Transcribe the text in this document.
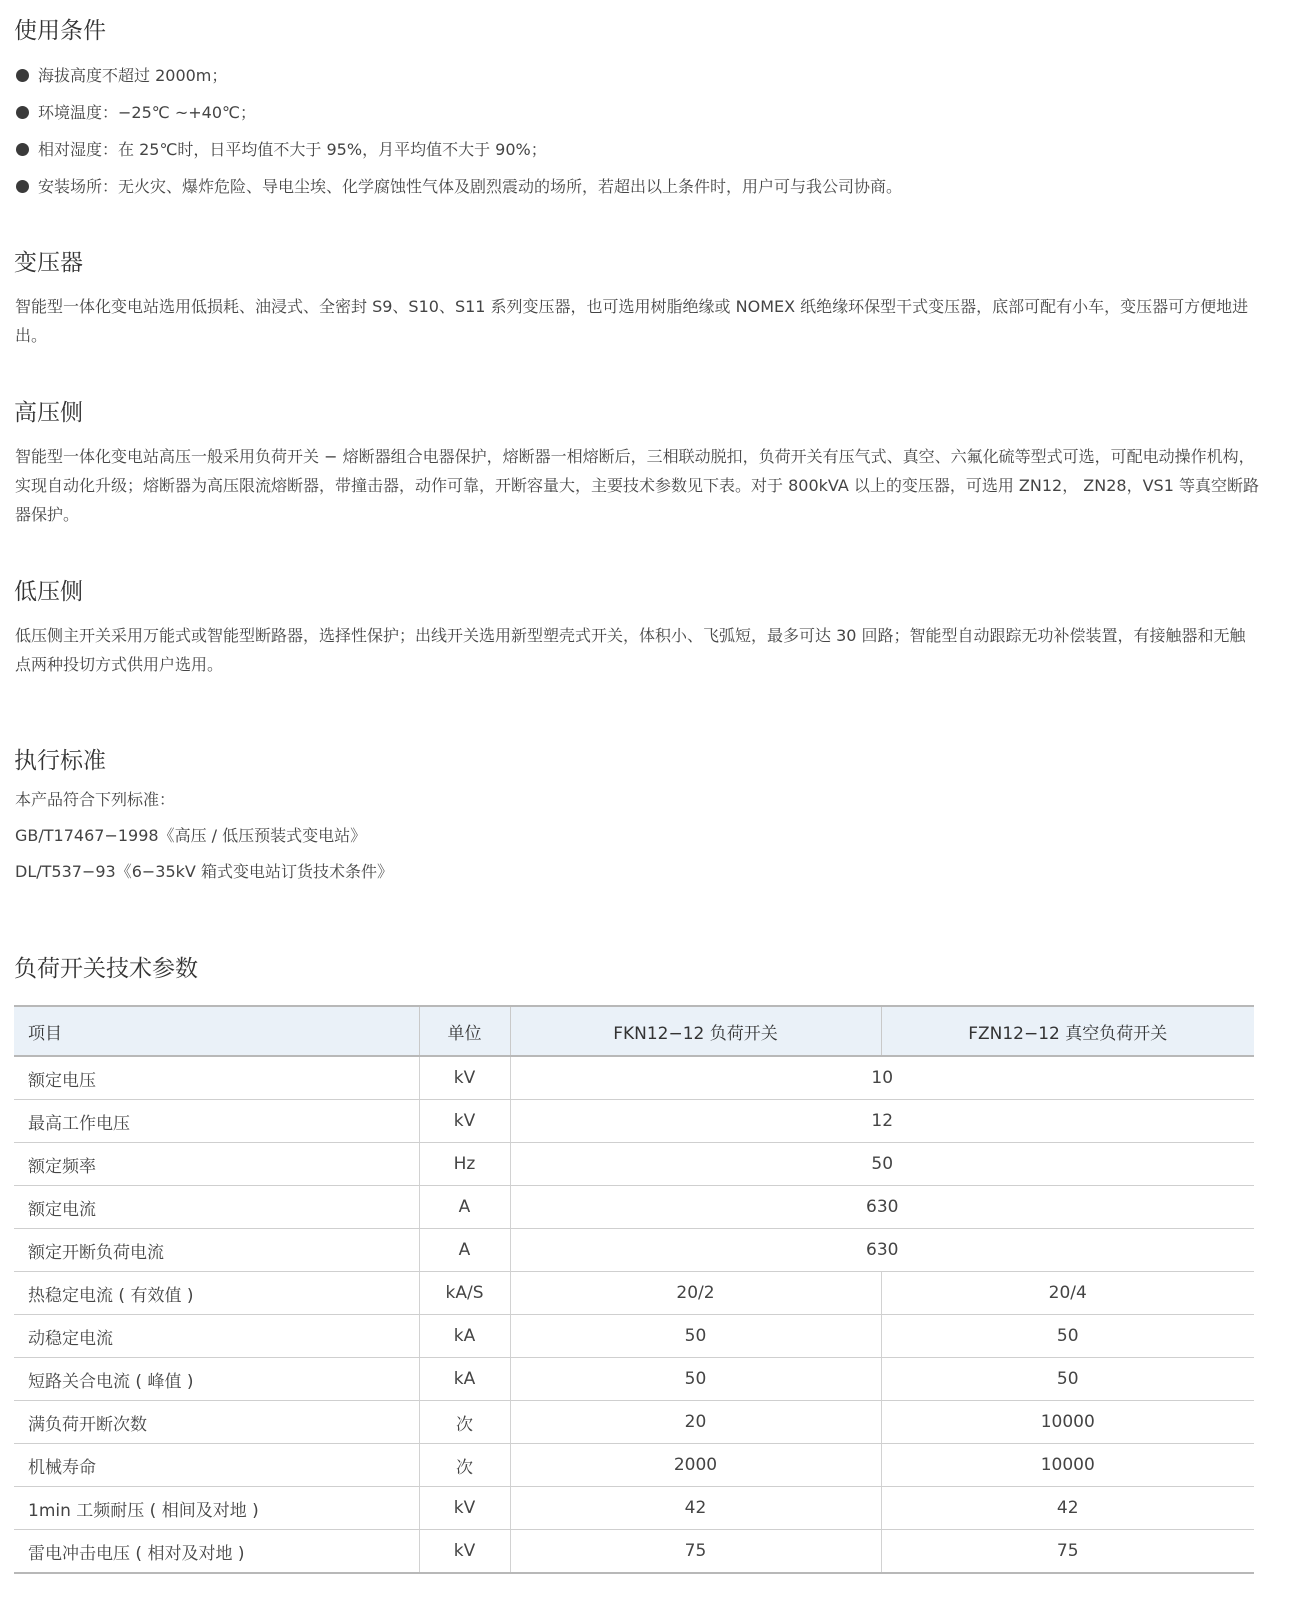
使用条件
海拔高度不超过 2000m；
环境温度：−25℃ ~+40℃；
相对湿度：在 25℃时，日平均值不大于 95%，月平均值不大于 90%；
安装场所：无火灾、爆炸危险、导电尘埃、化学腐蚀性气体及剧烈震动的场所，若超出以上条件时，用户可与我公司协商。
变压器

智能型一体化变电站选用低损耗、油浸式、全密封 S9、S10、S11 系列变压器，也可选用树脂绝缘或 NOMEX 纸绝缘环保型干式变压器，底部可配有小车，变压器可方便地进出。

高压侧

智能型一体化变电站高压一般采用负荷开关 − 熔断器组合电器保护，熔断器一相熔断后，三相联动脱扣，负荷开关有压气式、真空、六氟化硫等型式可选，可配电动操作机构，实现自动化升级；熔断器为高压限流熔断器，带撞击器，动作可靠，开断容量大，主要技术参数见下表。对于 800kVA 以上的变压器，可选用 ZN12， ZN28，VS1 等真空断路器保护。

低压侧

低压侧主开关采用万能式或智能型断路器，选择性保护；出线开关选用新型塑壳式开关，体积小、飞弧短，最多可达 30 回路；智能型自动跟踪无功补偿装置，有接触器和无触点两种投切方式供用户选用。

执行标准

本产品符合下列标准：

GB/T17467−1998《高压 / 低压预装式变电站》

DL/T537−93《6−35kV 箱式变电站订货技术条件》

负荷开关技术参数
项目	单位	FKN12−12 负荷开关	FZN12−12 真空负荷开关
额定电压	kV	10	
最高工作电压	kV	12	
额定频率	Hz	50	
额定电流	A	630	
额定开断负荷电流	A	630	
热稳定电流 ( 有效值 )	kA/S	20/2	20/4
动稳定电流	kA	50	50
短路关合电流 ( 峰值 )	kA	50	50
满负荷开断次数	次	20	10000
机械寿命	次	2000	10000
1min 工频耐压 ( 相间及对地 )	kV	42	42
雷电冲击电压 ( 相对及对地 )	kV	75	75
